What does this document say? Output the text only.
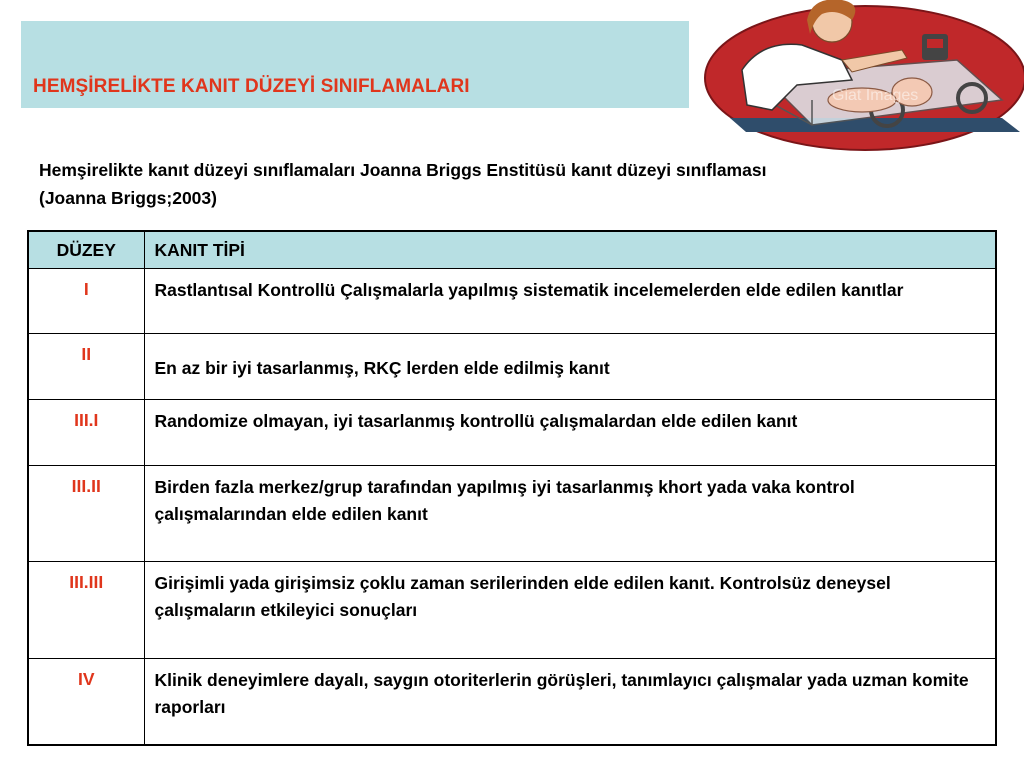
HEMŞİRELİKTE KANIT DÜZEYİ SINIFLAMALARI	Giat Images
Hemşirelikte kanıt düzeyi sınıflamaları Joanna Briggs Enstitüsü kanıt düzeyi sınıflaması
(Joanna Briggs;2003)
DÜZEY	KANIT TİPİ
I	Rastlantısal Kontrollü Çalışmalarla yapılmış sistematik incelemelerden elde edilen kanıtlar
II	En az bir iyi tasarlanmış, RKÇ lerden elde edilmiş kanıt
III.I	Randomize olmayan, iyi tasarlanmış kontrollü çalışmalardan elde edilen kanıt
III.II	Birden fazla merkez/grup tarafından yapılmış iyi tasarlanmış khort yada vaka kontrol çalışmalarından elde edilen kanıt
III.III	Girişimli yada girişimsiz çoklu zaman serilerinden elde edilen kanıt. Kontrolsüz deneysel çalışmaların etkileyici sonuçları
IV	Klinik deneyimlere dayalı, saygın otoriterlerin görüşleri, tanımlayıcı çalışmalar yada uzman komite raporları
